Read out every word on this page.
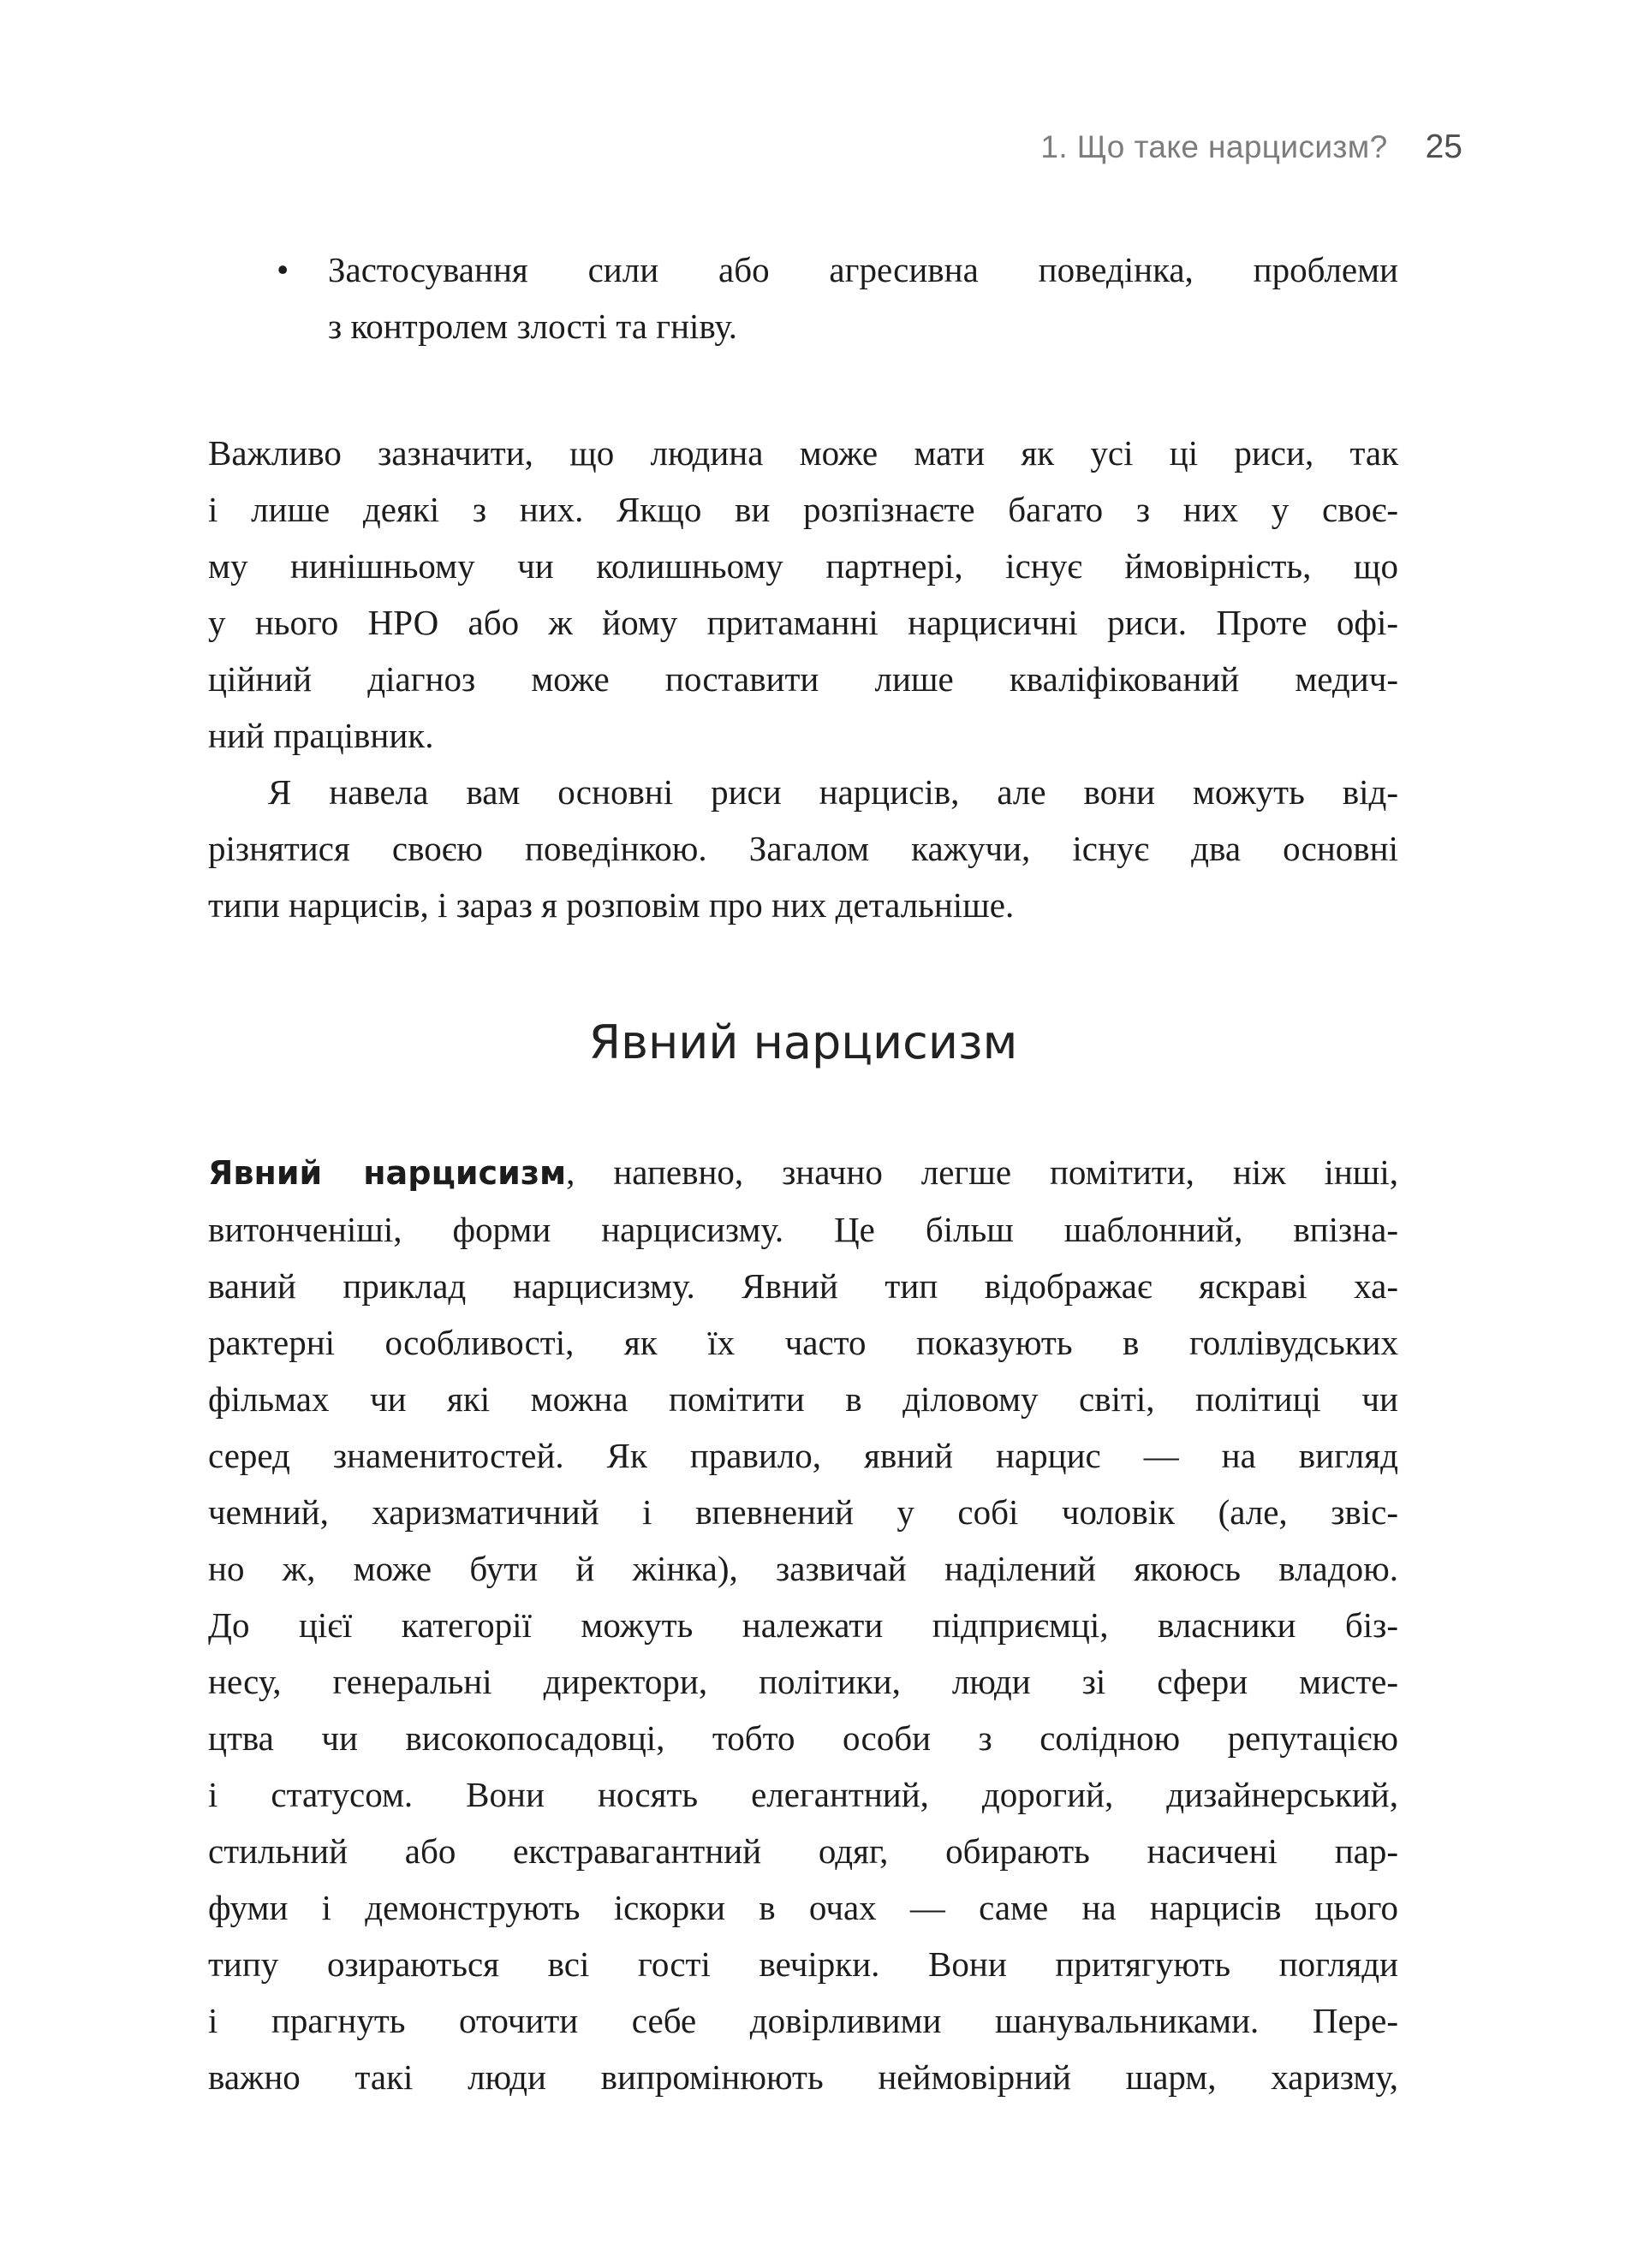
1. Що таке нарцисизм? 25
•	Застосування сили або агресивна поведінка, проблеми
з контролем злості та гніву.
Важливо зазначити, що людина може мати як усі ці риси, так
і лише деякі з них. Якщо ви розпізнаєте багато з них у своє-
му нинішньому чи колишньому партнері, існує ймовірність, що
у нього НРО або ж йому притаманні нарцисичні риси. Проте офі-
ційний діагноз може поставити лише кваліфікований медич-
ний працівник.
Я навела вам основні риси нарцисів, але вони можуть від-
різнятися своєю поведінкою. Загалом кажучи, існує два основні
типи нарцисів, і зараз я розповім про них детальніше.
Явний нарцисизм
Явний нарцисизм, напевно, значно легше помітити, ніж інші,
витонченіші, форми нарцисизму. Це більш шаблонний, впізна-
ваний приклад нарцисизму. Явний тип відображає яскраві ха-
рактерні особливості, як їх часто показують в голлівудських
фільмах чи які можна помітити в діловому світі, політиці чи
серед знаменитостей. Як правило, явний нарцис — на вигляд
чемний, харизматичний і впевнений у собі чоловік (але, звіс-
но ж, може бути й жінка), зазвичай наділений якоюсь владою.
До цієї категорії можуть належати підприємці, власники біз-
несу, генеральні директори, політики, люди зі сфери мисте-
цтва чи високопосадовці, тобто особи з солідною репутацією
і статусом. Вони носять елегантний, дорогий, дизайнерський,
стильний або екстравагантний одяг, обирають насичені пар-
фуми і демонструють іскорки в очах — саме на нарцисів цього
типу озираються всі гості вечірки. Вони притягують погляди
і прагнуть оточити себе довірливими шанувальниками. Пере-
важно такі люди випромінюють неймовірний шарм, харизму,
